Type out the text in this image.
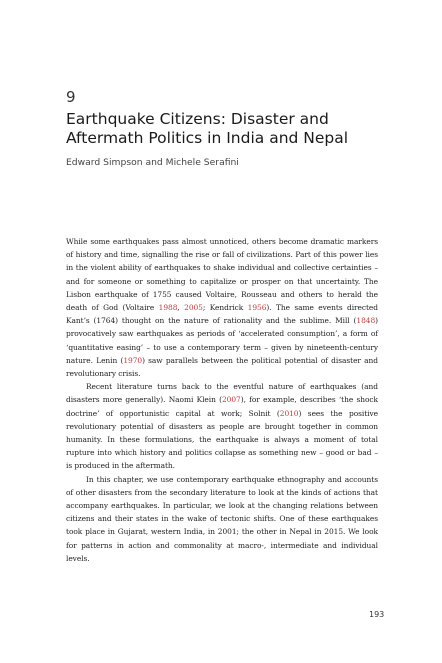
9
Earthquake Citizens: Disaster and Aftermath Politics in India and Nepal
Edward Simpson and Michele Serafini

While some earthquakes pass almost unnoticed, others become dramatic markers of history and time, signalling the rise or fall of civilizations. Part of this power lies in the violent ability of earthquakes to shake individual and collective certainties – and for someone or something to capitalize or prosper on that uncertainty. The Lisbon earthquake of 1755 caused Voltaire, Rousseau and others to herald the death of God (Voltaire 1988, 2005; Kendrick 1956). The same events directed Kant’s (1764) thought on the nature of rationality and the sublime. Mill (1848) provocatively saw earthquakes as periods of ‘accelerated consumption’, a form of ‘quantitative easing’ – to use a contemporary term – given by nineteenth-century nature. Lenin (1970) saw parallels between the political potential of disaster and revolutionary crisis.

Recent literature turns back to the eventful nature of earthquakes (and disasters more generally). Naomi Klein (2007), for example, describes ‘the shock doctrine’ of opportunistic capital at work; Solnit (2010) sees the positive revolutionary potential of disasters as people are brought together in common humanity. In these formulations, the earthquake is always a moment of total rupture into which history and politics collapse as something new – good or bad – is produced in the aftermath.

In this chapter, we use contemporary earthquake ethnography and accounts of other disasters from the secondary literature to look at the kinds of actions that accompany earthquakes. In particular, we look at the changing relations between citizens and their states in the wake of tectonic shifts. One of these earthquakes took place in Gujarat, western India, in 2001; the other in Nepal in 2015. We look for patterns in action and commonality at macro-, intermediate and individual levels.

193
